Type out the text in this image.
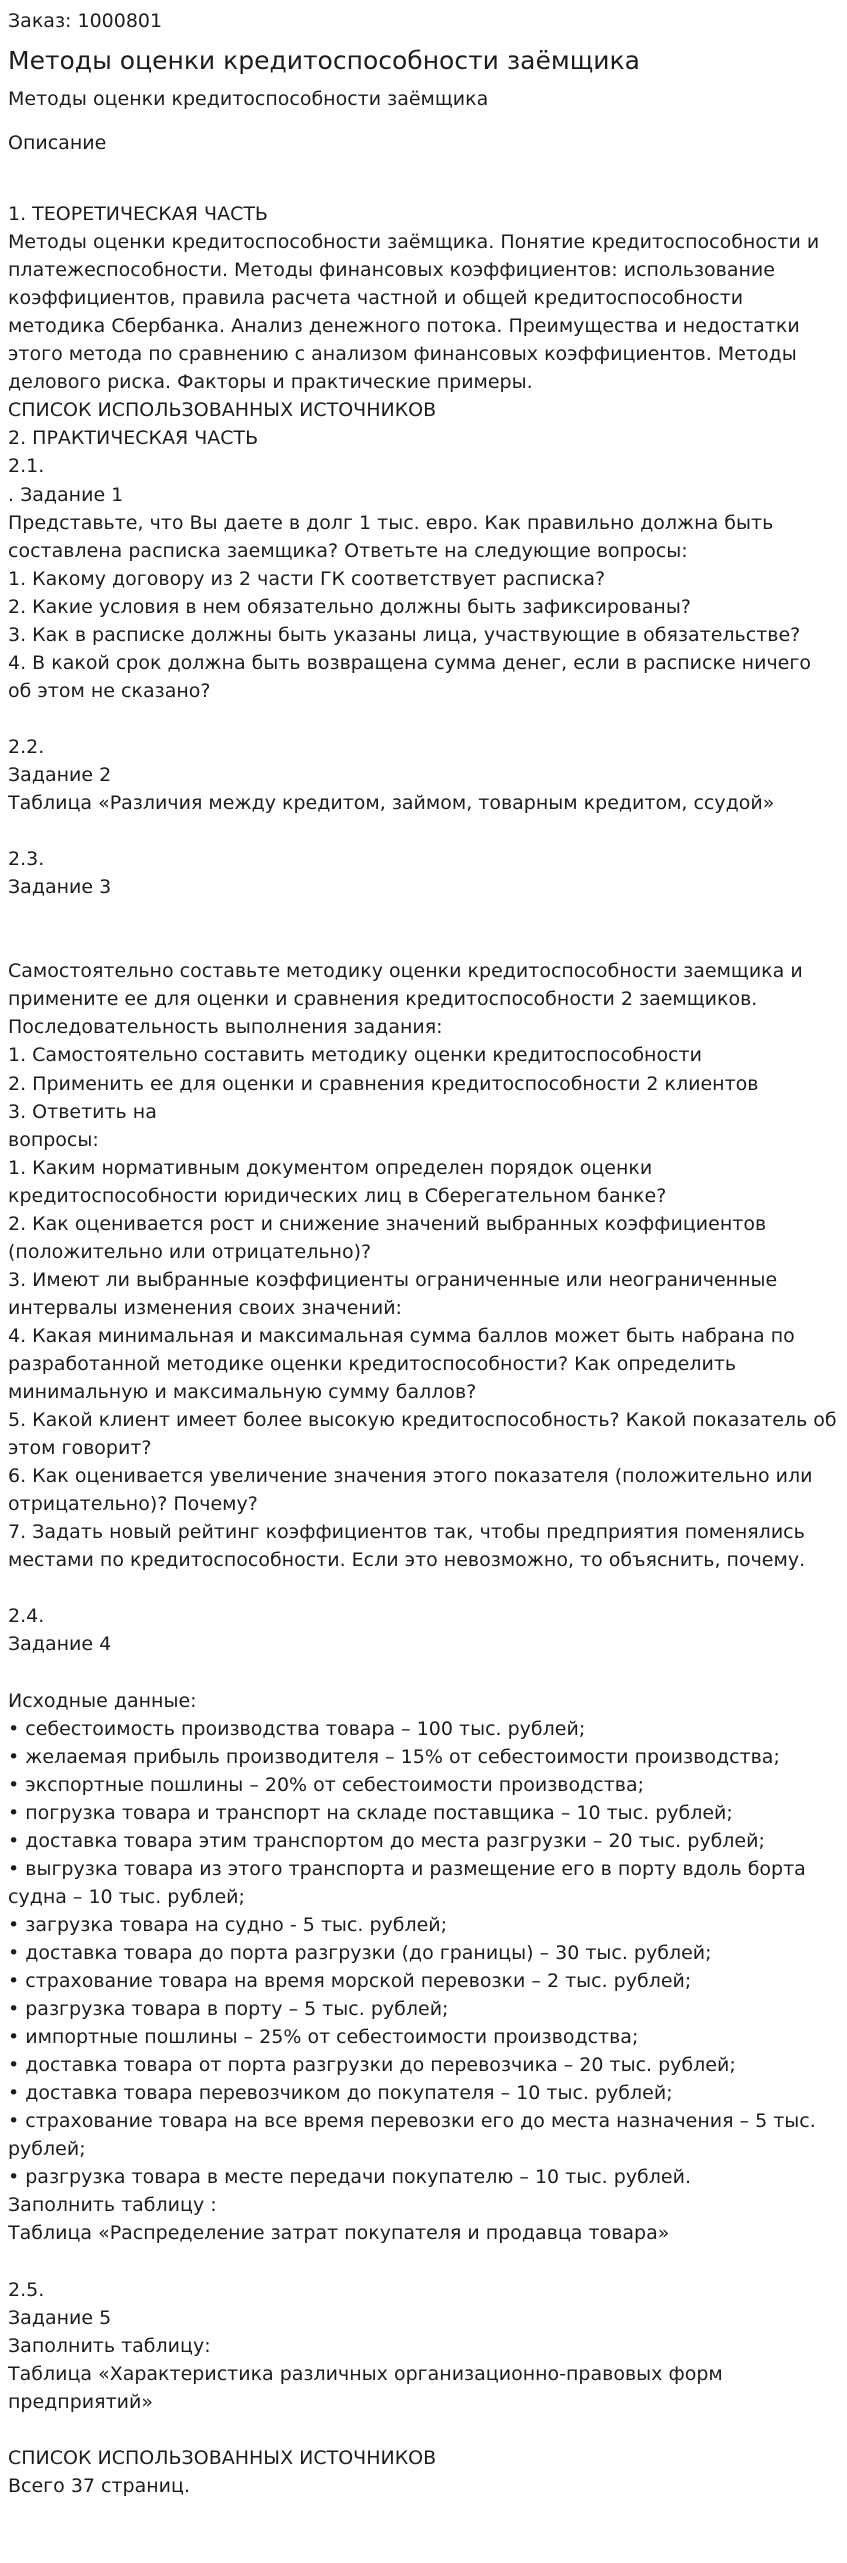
Заказ: 1000801
Методы оценки кредитоспособности заёмщика
Методы оценки кредитоспособности заёмщика
Описание

1. ТЕОРЕТИЧЕСКАЯ ЧАСТЬ
Методы оценки кредитоспособности заёмщика. Понятие кредитоспособности и
платежеспособности. Методы финансовых коэффициентов: использование
коэффициентов, правила расчета частной и общей кредитоспособности
методика Сбербанка. Анализ денежного потока. Преимущества и недостатки
этого метода по сравнению с анализом финансовых коэффициентов. Методы
делового риска. Факторы и практические примеры.
СПИСОК ИСПОЛЬЗОВАННЫХ ИСТОЧНИКОВ
2. ПРАКТИЧЕСКАЯ ЧАСТЬ
2.1.
. Задание 1
Представьте, что Вы даете в долг 1 тыс. евро. Как правильно должна быть
составлена расписка заемщика? Ответьте на следующие вопросы:
1. Какому договору из 2 части ГК соответствует расписка?
2. Какие условия в нем обязательно должны быть зафиксированы?
3. Как в расписке должны быть указаны лица, участвующие в обязательстве?
4. В какой срок должна быть возвращена сумма денег, если в расписке ничего
об этом не сказано?

2.2.
Задание 2
Таблица «Различия между кредитом, займом, товарным кредитом, ссудой»

2.3.
Задание 3

Самостоятельно составьте методику оценки кредитоспособности заемщика и
примените ее для оценки и сравнения кредитоспособности 2 заемщиков.
Последовательность выполнения задания:
1. Самостоятельно составить методику оценки кредитоспособности
2. Применить ее для оценки и сравнения кредитоспособности 2 клиентов
3. Ответить на
вопросы:
1. Каким нормативным документом определен порядок оценки
кредитоспособности юридических лиц в Сберегательном банке?
2. Как оценивается рост и снижение значений выбранных коэффициентов
(положительно или отрицательно)?
3. Имеют ли выбранные коэффициенты ограниченные или неограниченные
интервалы изменения своих значений:
4. Какая минимальная и максимальная сумма баллов может быть набрана по
разработанной методике оценки кредитоспособности? Как определить
минимальную и максимальную сумму баллов?
5. Какой клиент имеет более высокую кредитоспособность? Какой показатель об
этом говорит?
6. Как оценивается увеличение значения этого показателя (положительно или
отрицательно)? Почему?
7. Задать новый рейтинг коэффициентов так, чтобы предприятия поменялись
местами по кредитоспособности. Если это невозможно, то объяснить, почему.

2.4.
Задание 4

Исходные данные:
• себестоимость производства товара – 100 тыс. рублей;
• желаемая прибыль производителя – 15% от себестоимости производства;
• экспортные пошлины – 20% от себестоимости производства;
• погрузка товара и транспорт на складе поставщика – 10 тыс. рублей;
• доставка товара этим транспортом до места разгрузки – 20 тыс. рублей;
• выгрузка товара из этого транспорта и размещение его в порту вдоль борта
судна – 10 тыс. рублей;
• загрузка товара на судно - 5 тыс. рублей;
• доставка товара до порта разгрузки (до границы) – 30 тыс. рублей;
• страхование товара на время морской перевозки – 2 тыс. рублей;
• разгрузка товара в порту – 5 тыс. рублей;
• импортные пошлины – 25% от себестоимости производства;
• доставка товара от порта разгрузки до перевозчика – 20 тыс. рублей;
• доставка товара перевозчиком до покупателя – 10 тыс. рублей;
• страхование товара на все время перевозки его до места назначения – 5 тыс.
рублей;
• разгрузка товара в месте передачи покупателю – 10 тыс. рублей.
Заполнить таблицу :
Таблица «Распределение затрат покупателя и продавца товара»

2.5.
Задание 5
Заполнить таблицу:
Таблица «Характеристика различных организационно-правовых форм
предприятий»

СПИСОК ИСПОЛЬЗОВАННЫХ ИСТОЧНИКОВ
Всего 37 страниц.
